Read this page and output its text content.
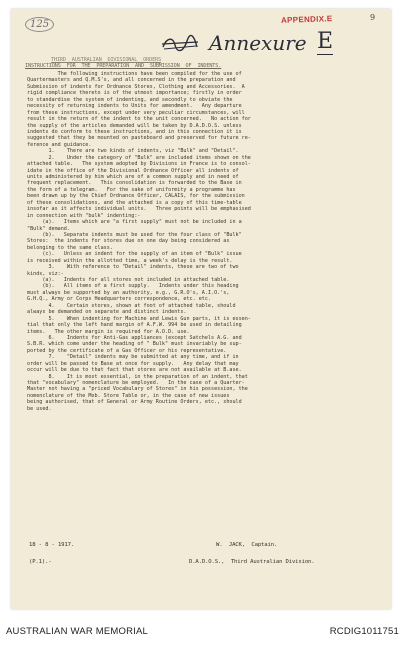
125	APPENDIX.E	9
Annexure E
THIRD  AUSTRALIAN  DIVISIONAL  ORDERS
INSTRUCTIONS  FOR  THE  PREPARATION  AND  SUBMISSION  OF  INDENTS.
The following instructions have been compiled for the use of
Quartermasters and Q.M.S's, and all concerned in the preparation and
Submission of indents for Ordnance Stores, Clothing and Accessories.  A
rigid compliance thereto is of the utmost importance; firstly in order
to standardise the system of indenting, and secondly to obviate the
necessity of returning indents to Units for amendment.   Any departure
from these instructions, except under very peculiar circumstances, will
result in the return of the indent to the unit concerned.   No action for
the supply of the articles demanded will be taken by D.A.D.O.S. unless
indents do conform to these instructions, and in this connection it is
suggested that they be mounted on pasteboard and preserved for future re-
ference and guidance.
1.    There are two kinds of indents, viz "Bulk" and "Detail".
2.    Under the category of "Bulk" are included items shown on the
attached table.   The system adopted by Divisions in France is to consol-
idate in the office of the Divisional Ordnance Officer all indents of
units administered by him which are of a common supply and in need of
frequent replacement.   This consolidation is forwarded to the Base in
the form of a telegram.   For the sake of uniformity a programme has
been drawn up by the Chief Ordnance Officer, CALAIS, for the submission
of these consolidations, and the attached is a copy of this time-table
insofar as it affects individual units.   Three points will be emphasised
in connection with "bulk" indenting:-
(a).   Items which are "a first supply" must not be included in a
"Bulk" demand.
(b).   Separate indents must be used for the four class of "Bulk"
Stores:  the indents for stores due on one day being considered as
belonging to the same class.
(c).   Unless an indent for the supply of an item of "Bulk" issue
is received within the allotted time, a week's delay is the result.
3.    With reference to "Detail" indents, these are two of two
kinds, viz:-
(a).   Indents for all stores not included in attached table.
(b).   All items of a first supply.   Indents under this heading
must always be supported by an authority, e.g., G.R.O's, A.I.O.'s,
G.H.Q., Army or Corps Headquarters correspondence, etc. etc.
4.    Certain stores, shown at foot of attached table, should
always be demanded on separate and distinct indents.
5.    When indenting for Machine and Lewis Gun parts, it is essen-
tial that only the left hand margin of A.F.W. 994 be used in detailing
items.   The other margin is required for A.O.D. use.
6.    Indents for Anti-Gas appliances (except Satchels A.G. and
S.B.R. which come under the heading of " Bulk" must invariably be sup-
ported by the certificate of a Gas Officer or his representative.
7.    "Detail" indents may be submitted at any time, and if in
order will be passed to Base at once for supply.   Any delay that may
occur will be due to that fact that stores are not available at B.ase.
8.    It is most essential, in the preparation of an indent, that
that "vocabulary" nomenclature be employed.   In the case of a Quarter-
Master not having a "priced Vocabulary of Stores" in his possession, the
nomenclature of the Mob. Store Table or, in the case of new issues
being authorised, that of General or Army Routine Orders, etc., should
be used.
18 - 8 - 1917.	W.  JACK,  Captain.
(P.1).-	D.A.D.O.S.,  Third Australian Division.
AUSTRALIAN WAR MEMORIAL	RCDIG1011751
